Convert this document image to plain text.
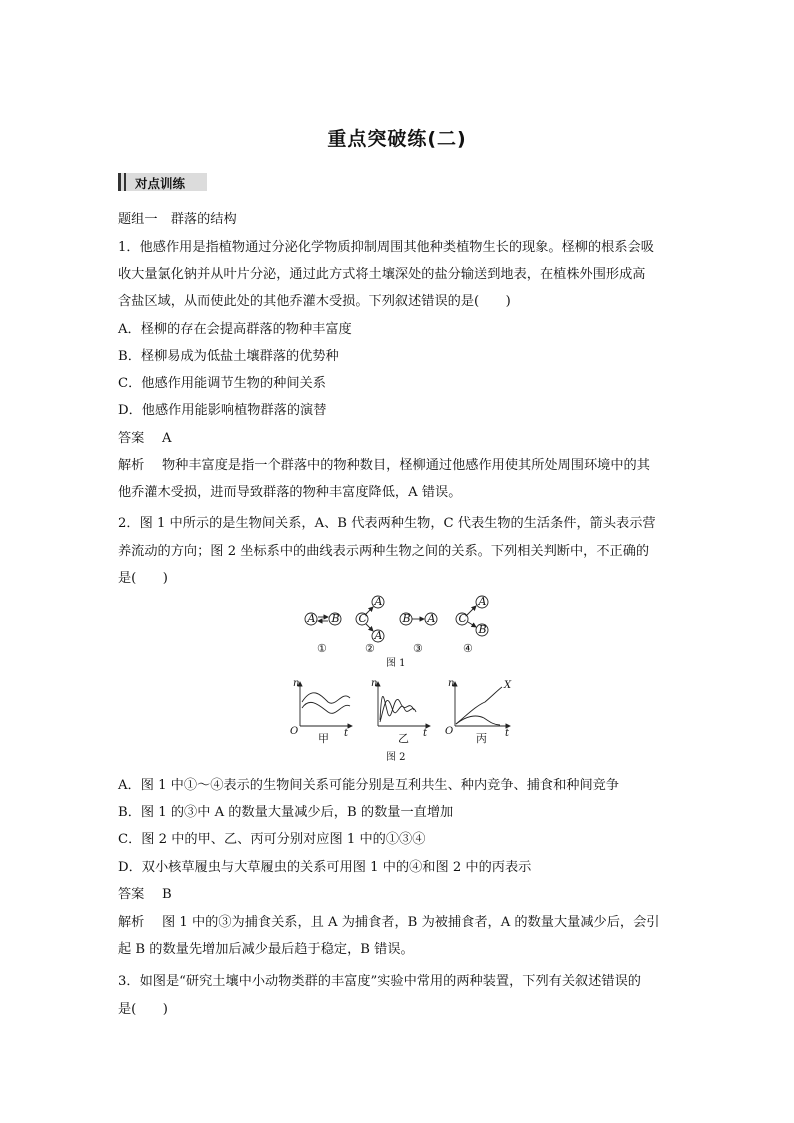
重点突破练(二)
对点训练
题组一　群落的结构
1．他感作用是指植物通过分泌化学物质抑制周围其他种类植物生长的现象。柽柳的根系会吸
收大量氯化钠并从叶片分泌，通过此方式将土壤深处的盐分输送到地表，在植株外围形成高
含盐区域，从而使此处的其他乔灌木受损。下列叙述错误的是(　　)
A．柽柳的存在会提高群落的物种丰富度
B．柽柳易成为低盐土壤群落的优势种
C．他感作用能调节生物的种间关系
D．他感作用能影响植物群落的演替
答案 A
解析 物种丰富度是指一个群落中的物种数目，柽柳通过他感作用使其所处周围环境中的其
他乔灌木受损，进而导致群落的物种丰富度降低，A 错误。
2．图 1 中所示的是生物间关系，A、B 代表两种生物，C 代表生物的生活条件，箭头表示营
养流动的方向；图 2 坐标系中的曲线表示两种生物之间的关系。下列相关判断中，不正确的
是(　　)
A B C
A
A
B A C
A
B
①	②	③	④
图 1
n
O	t
甲
n
t
乙
n
O	t
X
丙
图 2
A．图 1 中①～④表示的生物间关系可能分别是互利共生、种内竞争、捕食和种间竞争
B．图 1 的③中 A 的数量大量减少后，B 的数量一直增加
C．图 2 中的甲、乙、丙可分别对应图 1 中的①③④
D．双小核草履虫与大草履虫的关系可用图 1 中的④和图 2 中的丙表示
答案 B
解析 图 1 中的③为捕食关系，且 A 为捕食者，B 为被捕食者，A 的数量大量减少后，会引
起 B 的数量先增加后减少最后趋于稳定，B 错误。
3．如图是“研究土壤中小动物类群的丰富度”实验中常用的两种装置，下列有关叙述错误的
是(　　)
